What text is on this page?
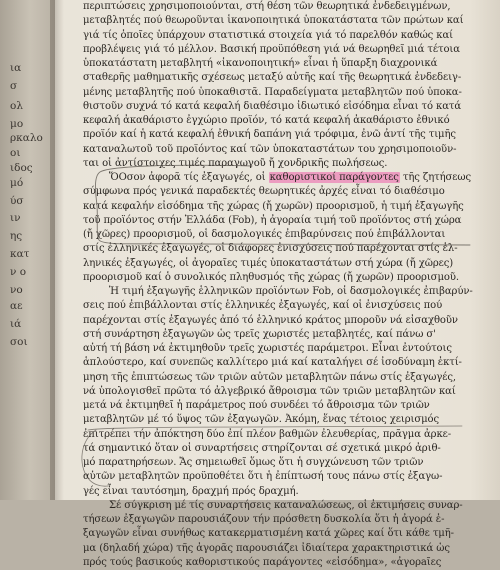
ια
σ
ολ
μο
ρκαλο
οι
ιδος
μό
ύσ
ιν
ης
κατ
ν ο
νο
αε
ιά
σοι
περιπτώσεις χρησιμοποιούνται, στή θέση τῶν θεωρητικά ἐνδεδειγμένων,
μεταβλητές πού θεωροῦνται ἱκανοποιητικά ὑποκατάστατα τῶν πρώτων καί
γιά τίς ὁποῖες ὑπάρχουν στατιστικά στοιχεία γιά τό παρελθόν καθώς καί
προβλέψεις γιά τό μέλλον. Βασική προϋπόθεση γιά νά θεωρηθεῖ μιά τέτοια
ὑποκατάστατη μεταβλητή «ἱκανοποιητική» εἶναι ἡ ὕπαρξη διαχρονικά
σταθερῆς μαθηματικῆς σχέσεως μεταξύ αὐτῆς καί τῆς θεωρητικά ἐνδεδειγ-
μένης μεταβλητῆς πού ὑποκαθιστᾶ. Παραδείγματα μεταβλητῶν πού ὑποκα-
θιστοῦν συχνά τό κατά κεφαλή διαθέσιμο ἰδιωτικό εἰσόδημα εἶναι τό κατά
κεφαλή ἀκαθάριστο ἐγχώριο προϊόν, τό κατά κεφαλή ἀκαθάριστο ἐθνικό
προϊόν καί ἡ κατά κεφαλή ἐθνική δαπάνη γιά τρόφιμα, ἐνῶ ἀντί τῆς τιμῆς
καταναλωτοῦ τοῦ προϊόντος καί τῶν ὑποκαταστάτων του χρησιμοποιοῦν-
ται οἱ ἀντίστοιχες τιμές παραγωγοῦ ἤ χονδρικῆς πωλήσεως.
ὍΟσον ἀφορᾶ τίς ἐξαγωγές, οἱ καθοριστικοί παράγοντες τῆς ζητήσεως
σύμφωνα πρός γενικά παραδεκτές θεωρητικές ἀρχές εἶναι τό διαθέσιμο
κατά κεφαλήν εἰσόδημα τῆς χώρας (ἤ χωρῶν) προορισμοῦ, ἡ τιμή ἐξαγωγῆς
τοῦ προϊόντος στήν Ἑλλάδα (Fob), ἡ ἀγοραία τιμή τοῦ προϊόντος στή χώρα
(ἤ χῶρες) προορισμοῦ, οἱ δασμολογικές ἐπιβαρύνσεις πού ἐπιβάλλονται
στίς ἑλληνικές ἐξαγωγές, οἱ διάφορες ἐνισχύσεις πού παρέχονται στίς ἑλ-
ληνικές ἐξαγωγές, οἱ ἀγοραῖες τιμές ὑποκαταστάτων στή χώρα (ἤ χῶρες)
προορισμοῦ καί ὁ συνολικός πληθυσμός τῆς χώρας (ἤ χωρῶν) προορισμοῦ.
Ἡ τιμή ἐξαγωγῆς ἑλληνικῶν προϊόντων Fob, οἱ δασμολογικές ἐπιβαρύν-
σεις πού ἐπιβάλλονται στίς ἑλληνικές ἐξαγωγές, καί οἱ ἐνισχύσεις πού
παρέχονται στίς ἐξαγωγές ἀπό τό ἑλληνικό κράτος μποροῦν νά εἰσαχθοῦν
στή συνάρτηση ἐξαγωγῶν ὡς τρεῖς χωριστές μεταβλητές, καί πάνω σ'
αὐτή τή βάση νά ἐκτιμηθοῦν τρεῖς χωριστές παράμετροι. Εἶναι ἐντούτοις
ἁπλούστερο, καί συνεπῶς καλλίτερο μιά καί καταλήγει σέ ἰσοδύναμη ἐκτί-
μηση τῆς ἐπιπτώσεως τῶν τριῶν αὐτῶν μεταβλητῶν πάνω στίς ἐξαγωγές,
νά ὑπολογισθεῖ πρῶτα τό ἀλγεβρικό ἄθροισμα τῶν τριῶν μεταβλητῶν καί
μετά νά ἐκτιμηθεῖ ἡ παράμετρος πού συνδέει τό ἄθροισμα τῶν τριῶν
μεταβλητῶν μέ τό ὕψος τῶν ἐξαγωγῶν. Ἀκόμη, ἕνας τέτοιος χειρισμός
ἐπιτρέπει τήν ἀπόκτηση δύο ἐπί πλέον βαθμῶν ἐλευθερίας, πρᾶγμα ἀρκε-
τά σημαντικό ὅταν οἱ συναρτήσεις στηρίζονται σέ σχετικά μικρό ἀριθ-
μό παρατηρήσεων. Ἄς σημειωθεῖ ὅμως ὅτι ἡ συγχώνευση τῶν τριῶν
αὐτῶν μεταβλητῶν προϋποθέτει ὅτι ἡ ἐπίπτωσή τους πάνω στίς ἐξαγω-
γές εἶναι ταυτόσημη, δραχμή πρός δραχμή.
Σέ σύγκριση μέ τίς συναρτήσεις καταναλώσεως, οἱ ἐκτιμήσεις συναρ-
τήσεων ἐξαγωγῶν παρουσιάζουν τήν πρόσθετη δυσκολία ὅτι ἡ ἀγορά ἐ-
ξαγωγῶν εἶναι συνήθως κατακερματισμένη κατά χῶρες καί ὅτι κάθε τμῆ-
μα (δηλαδή χώρα) τῆς ἀγορᾶς παρουσιάζει ἰδιαίτερα χαρακτηριστικά ὡς
πρός τούς βασικούς καθοριστικούς παράγοντες «εἰσόδημα», «ἀγορaῖες
